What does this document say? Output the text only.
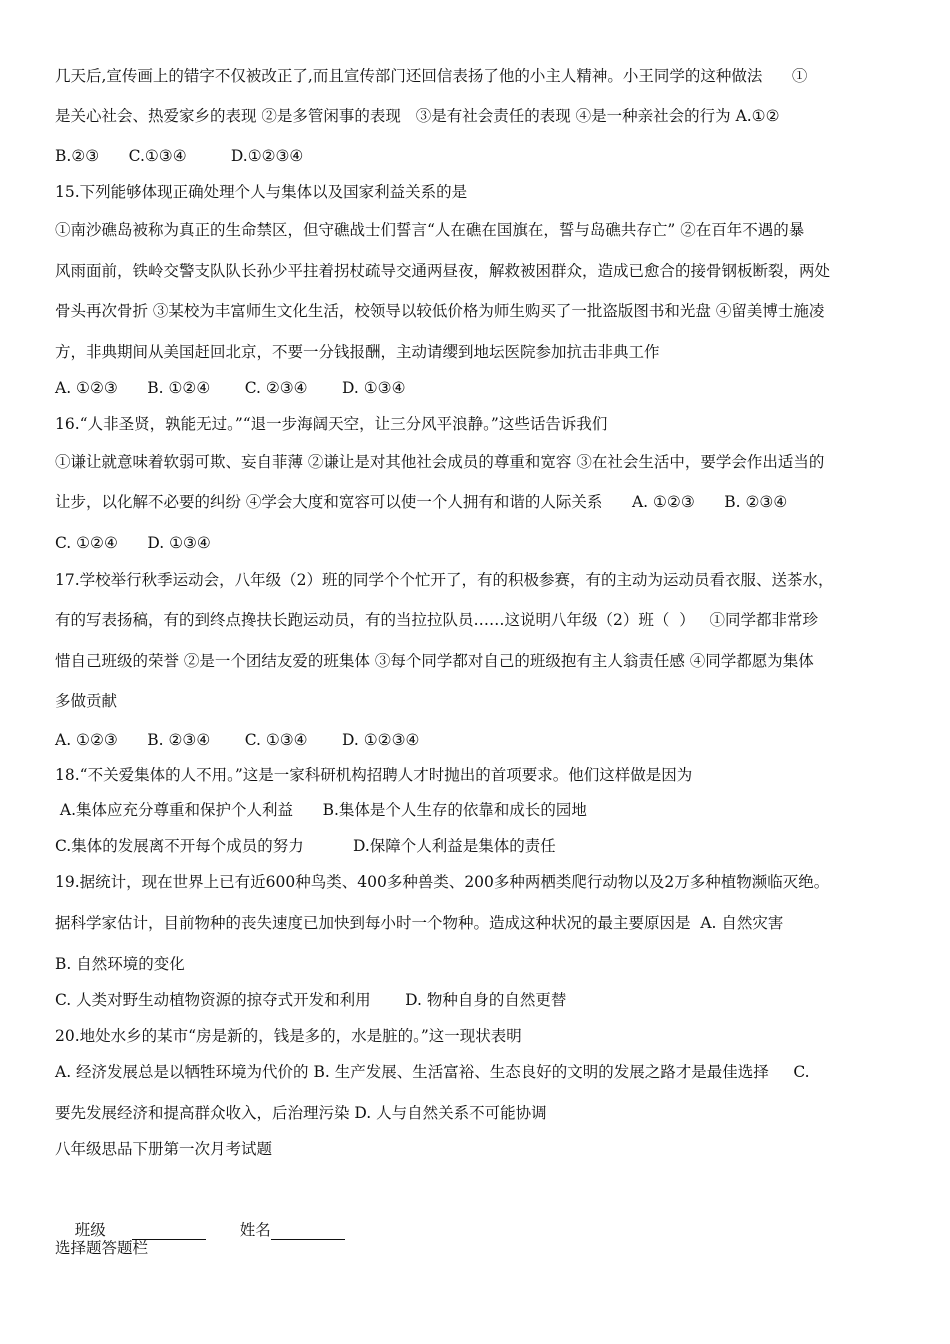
几天后,宣传画上的错字不仅被改正了,而且宣传部门还回信表扬了他的小主人精神。小王同学的这种做法      ①
是关心社会、热爱家乡的表现 ②是多管闲事的表现   ③是有社会责任的表现 ④是一种亲社会的行为 A.①②
B.②③      C.①③④         D.①②③④
15.下列能够体现正确处理个人与集体以及国家利益关系的是
①南沙礁岛被称为真正的生命禁区，但守礁战士们誓言“人在礁在国旗在，誓与岛礁共存亡” ②在百年不遇的暴
风雨面前，铁岭交警支队队长孙少平拄着拐杖疏导交通两昼夜，解救被困群众，造成已愈合的接骨钢板断裂，两处
骨头再次骨折 ③某校为丰富师生文化生活，校领导以较低价格为师生购买了一批盗版图书和光盘 ④留美博士施凌
方，非典期间从美国赶回北京，不要一分钱报酬，主动请缨到地坛医院参加抗击非典工作
A. ①②③      B. ①②④       C. ②③④       D. ①③④
16.“人非圣贤，孰能无过。”“退一步海阔天空，让三分风平浪静。”这些话告诉我们
①谦让就意味着软弱可欺、妄自菲薄 ②谦让是对其他社会成员的尊重和宽容 ③在社会生活中，要学会作出适当的
让步，以化解不必要的纠纷 ④学会大度和宽容可以使一个人拥有和谐的人际关系      A. ①②③      B. ②③④
C. ①②④      D. ①③④
17.学校举行秋季运动会，八年级（2）班的同学个个忙开了，有的积极参赛，有的主动为运动员看衣服、送茶水，
有的写表扬稿，有的到终点搀扶长跑运动员，有的当拉拉队员……这说明八年级（2）班（  ）   ①同学都非常珍
惜自己班级的荣誉 ②是一个团结友爱的班集体 ③每个同学都对自己的班级抱有主人翁责任感 ④同学都愿为集体
多做贡献
A. ①②③      B. ②③④       C. ①③④       D. ①②③④
18.“不关爱集体的人不用。”这是一家科研机构招聘人才时抛出的首项要求。他们这样做是因为
A.集体应充分尊重和保护个人利益      B.集体是个人生存的依靠和成长的园地
C.集体的发展离不开每个成员的努力          D.保障个人利益是集体的责任
19.据统计，现在世界上已有近600种鸟类、400多种兽类、200多种两栖类爬行动物以及2万多种植物濒临灭绝。
据科学家估计，目前物种的丧失速度已加快到每小时一个物种。造成这种状况的最主要原因是  A. 自然灾害
B. 自然环境的变化
C. 人类对野生动植物资源的掠夺式开发和利用       D. 物种自身的自然更替
20.地处水乡的某市“房是新的，钱是多的，水是脏的。”这一现状表明
A. 经济发展总是以牺牲环境为代价的 B. 生产发展、生活富裕、生态良好的文明的发展之路才是最佳选择     C.
要先发展经济和提高群众收入，后治理污染 D. 人与自然关系不可能协调
八年级思品下册第一次月考试题

班级	姓名

选择题答题栏
